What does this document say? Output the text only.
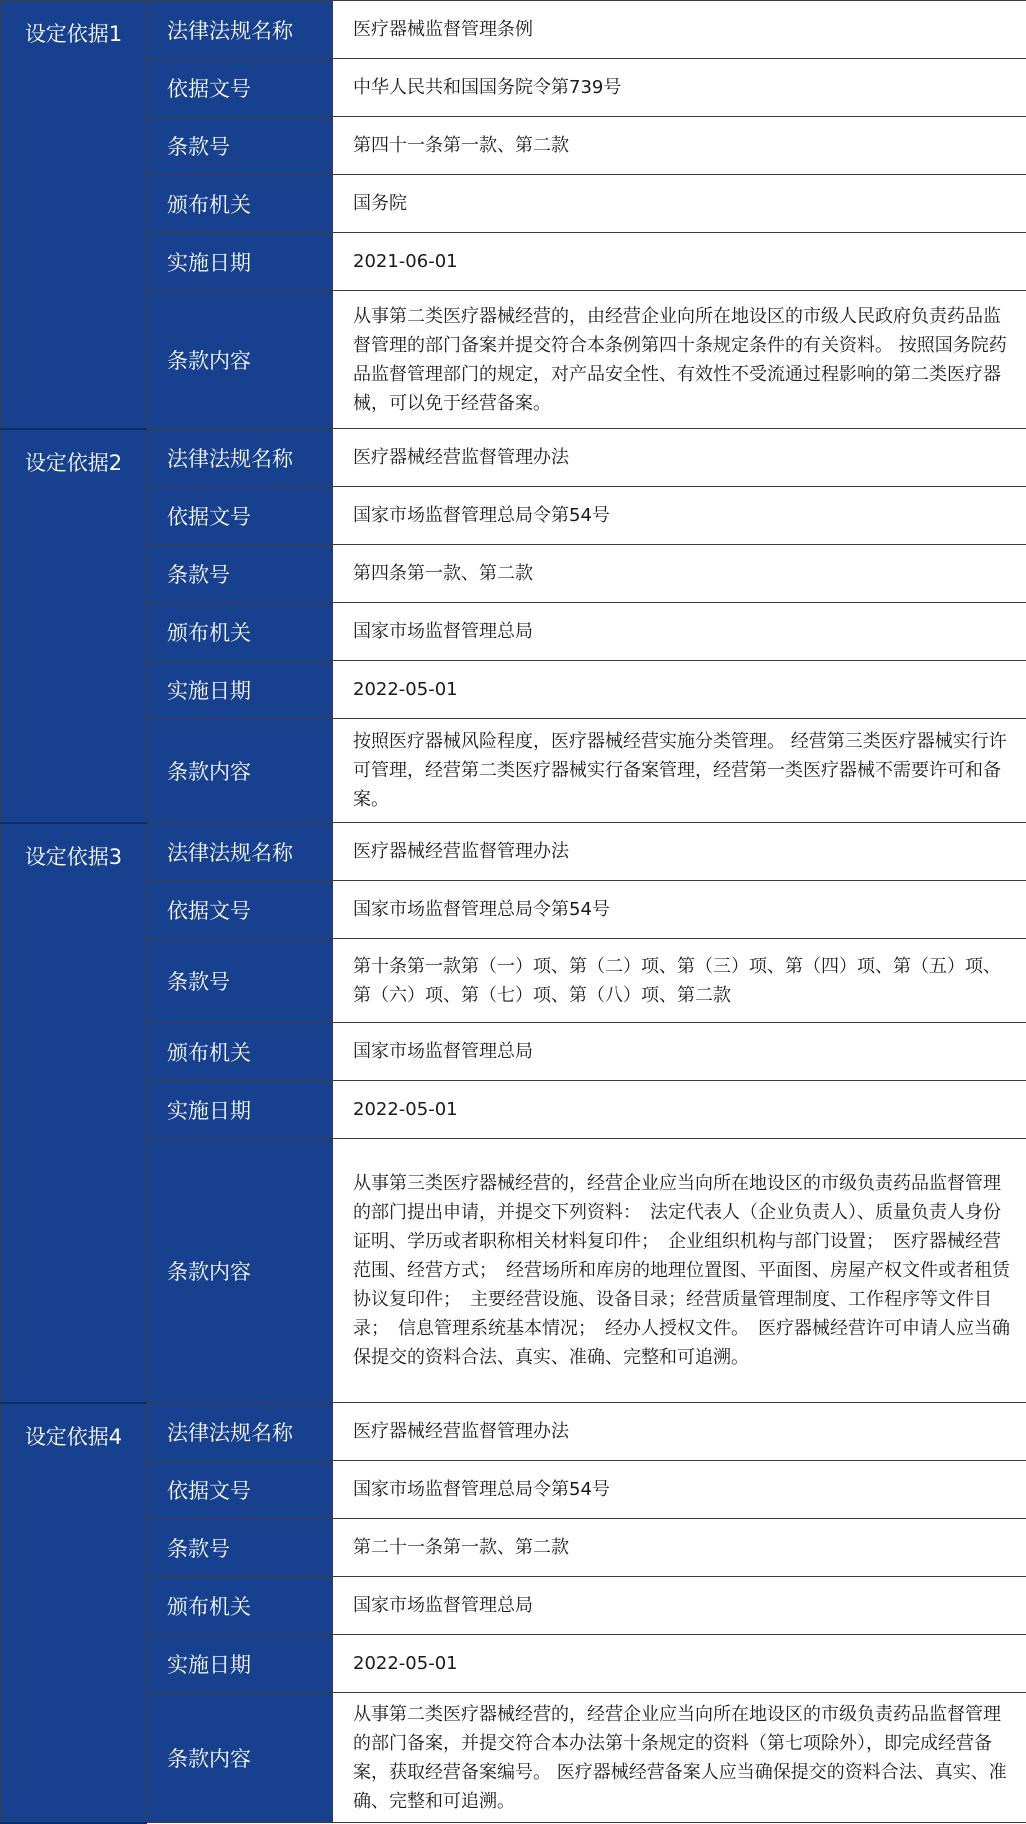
设定依据1	法律法规名称	医疗器械监督管理条例
	依据文号	中华人民共和国国务院令第739号
	条款号	第四十一条第一款、第二款
	颁布机关	国务院
	实施日期	2021-06-01
	条款内容	从事第二类医疗器械经营的，由经营企业向所在地设区的市级人民政府负责药品监督管理的部门备案并提交符合本条例第四十条规定条件的有关资料。 按照国务院药品监督管理部门的规定，对产品安全性、有效性不受流通过程影响的第二类医疗器械，可以免于经营备案。
设定依据2	法律法规名称	医疗器械经营监督管理办法
	依据文号	国家市场监督管理总局令第54号
	条款号	第四条第一款、第二款
	颁布机关	国家市场监督管理总局
	实施日期	2022-05-01
	条款内容	按照医疗器械风险程度，医疗器械经营实施分类管理。 经营第三类医疗器械实行许可管理，经营第二类医疗器械实行备案管理，经营第一类医疗器械不需要许可和备案。
设定依据3	法律法规名称	医疗器械经营监督管理办法
	依据文号	国家市场监督管理总局令第54号
	条款号	第十条第一款第（一）项、第（二）项、第（三）项、第（四）项、第（五）项、第（六）项、第（七）项、第（八）项、第二款
	颁布机关	国家市场监督管理总局
	实施日期	2022-05-01
	条款内容	从事第三类医疗器械经营的，经营企业应当向所在地设区的市级负责药品监督管理的部门提出申请，并提交下列资料：　法定代表人（企业负责人）、质量负责人身份证明、学历或者职称相关材料复印件；　企业组织机构与部门设置；　医疗器械经营范围、经营方式；　经营场所和库房的地理位置图、平面图、房屋产权文件或者租赁协议复印件；　主要经营设施、设备目录；经营质量管理制度、工作程序等文件目录；　信息管理系统基本情况；　经办人授权文件。　医疗器械经营许可申请人应当确保提交的资料合法、真实、准确、完整和可追溯。
设定依据4	法律法规名称	医疗器械经营监督管理办法
	依据文号	国家市场监督管理总局令第54号
	条款号	第二十一条第一款、第二款
	颁布机关	国家市场监督管理总局
	实施日期	2022-05-01
	条款内容	从事第二类医疗器械经营的，经营企业应当向所在地设区的市级负责药品监督管理的部门备案，并提交符合本办法第十条规定的资料（第七项除外），即完成经营备案，获取经营备案编号。 医疗器械经营备案人应当确保提交的资料合法、真实、准确、完整和可追溯。
